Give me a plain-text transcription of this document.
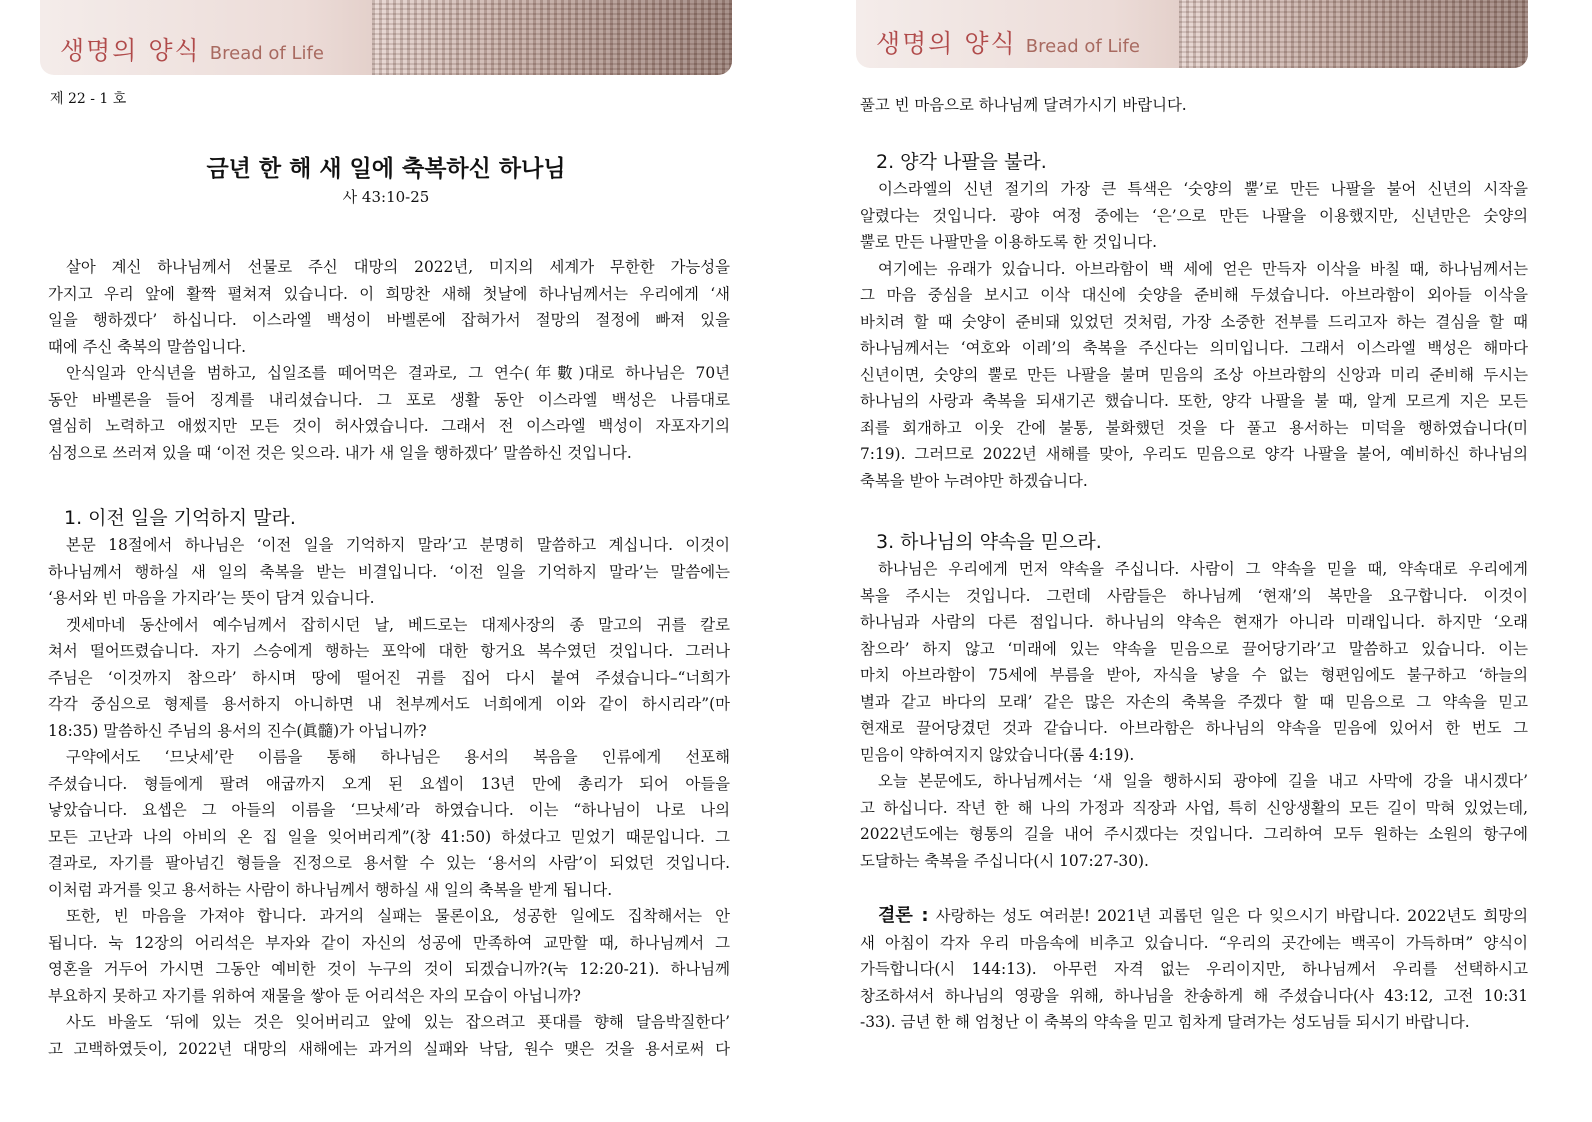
생명의 양식 Bread of Life
제 22 - 1 호
금년 한 해 새 일에 축복하신 하나님
사 43:10-25
살아 계신 하나님께서 선물로 주신 대망의 2022년, 미지의 세계가 무한한 가능성을
가지고 우리 앞에 활짝 펼쳐져 있습니다. 이 희망찬 새해 첫날에 하나님께서는 우리에게 ‘새
일을 행하겠다’ 하십니다. 이스라엘 백성이 바벨론에 잡혀가서 절망의 절정에 빠져 있을
때에 주신 축복의 말씀입니다.
안식일과 안식년을 범하고, 십일조를 떼어먹은 결과로, 그 연수(年數)대로 하나님은 70년
동안 바벨론을 들어 징계를 내리셨습니다. 그 포로 생활 동안 이스라엘 백성은 나름대로
열심히 노력하고 애썼지만 모든 것이 허사였습니다. 그래서 전 이스라엘 백성이 자포자기의
심정으로 쓰러져 있을 때 ‘이전 것은 잊으라. 내가 새 일을 행하겠다’ 말씀하신 것입니다.
1. 이전 일을 기억하지 말라.
본문 18절에서 하나님은 ‘이전 일을 기억하지 말라’고 분명히 말씀하고 계십니다. 이것이
하나님께서 행하실 새 일의 축복을 받는 비결입니다. ‘이전 일을 기억하지 말라’는 말씀에는
‘용서와 빈 마음을 가지라’는 뜻이 담겨 있습니다.
겟세마네 동산에서 예수님께서 잡히시던 날, 베드로는 대제사장의 종 말고의 귀를 칼로
쳐서 떨어뜨렸습니다. 자기 스승에게 행하는 포악에 대한 항거요 복수였던 것입니다. 그러나
주님은 ‘이것까지 참으라’ 하시며 땅에 떨어진 귀를 집어 다시 붙여 주셨습니다–“너희가
각각 중심으로 형제를 용서하지 아니하면 내 천부께서도 너희에게 이와 같이 하시리라”(마
18:35) 말씀하신 주님의 용서의 진수(眞髓)가 아닙니까?
구약에서도 ‘므낫세’란 이름을 통해 하나님은 용서의 복음을 인류에게 선포해
주셨습니다. 형들에게 팔려 애굽까지 오게 된 요셉이 13년 만에 총리가 되어 아들을
낳았습니다. 요셉은 그 아들의 이름을 ‘므낫세’라 하였습니다. 이는 “하나님이 나로 나의
모든 고난과 나의 아비의 온 집 일을 잊어버리게”(창 41:50) 하셨다고 믿었기 때문입니다. 그
결과로, 자기를 팔아넘긴 형들을 진정으로 용서할 수 있는 ‘용서의 사람’이 되었던 것입니다.
이처럼 과거를 잊고 용서하는 사람이 하나님께서 행하실 새 일의 축복을 받게 됩니다.
또한, 빈 마음을 가져야 합니다. 과거의 실패는 물론이요, 성공한 일에도 집착해서는 안
됩니다. 눅 12장의 어리석은 부자와 같이 자신의 성공에 만족하여 교만할 때, 하나님께서 그
영혼을 거두어 가시면 그동안 예비한 것이 누구의 것이 되겠습니까?(눅 12:20-21). 하나님께
부요하지 못하고 자기를 위하여 재물을 쌓아 둔 어리석은 자의 모습이 아닙니까?
사도 바울도 ‘뒤에 있는 것은 잊어버리고 앞에 있는 잡으려고 푯대를 향해 달음박질한다’
고 고백하였듯이, 2022년 대망의 새해에는 과거의 실패와 낙담, 원수 맺은 것을 용서로써 다
생명의 양식 Bread of Life
풀고 빈 마음으로 하나님께 달려가시기 바랍니다.
2. 양각 나팔을 불라.
이스라엘의 신년 절기의 가장 큰 특색은 ‘숫양의 뿔’로 만든 나팔을 불어 신년의 시작을
알렸다는 것입니다. 광야 여정 중에는 ‘은’으로 만든 나팔을 이용했지만, 신년만은 숫양의
뿔로 만든 나팔만을 이용하도록 한 것입니다.
여기에는 유래가 있습니다. 아브라함이 백 세에 얻은 만득자 이삭을 바칠 때, 하나님께서는
그 마음 중심을 보시고 이삭 대신에 숫양을 준비해 두셨습니다. 아브라함이 외아들 이삭을
바치려 할 때 숫양이 준비돼 있었던 것처럼, 가장 소중한 전부를 드리고자 하는 결심을 할 때
하나님께서는 ‘여호와 이레’의 축복을 주신다는 의미입니다. 그래서 이스라엘 백성은 해마다
신년이면, 숫양의 뿔로 만든 나팔을 불며 믿음의 조상 아브라함의 신앙과 미리 준비해 두시는
하나님의 사랑과 축복을 되새기곤 했습니다. 또한, 양각 나팔을 불 때, 알게 모르게 지은 모든
죄를 회개하고 이웃 간에 불통, 불화했던 것을 다 풀고 용서하는 미덕을 행하였습니다(미
7:19). 그러므로 2022년 새해를 맞아, 우리도 믿음으로 양각 나팔을 불어, 예비하신 하나님의
축복을 받아 누려야만 하겠습니다.
3. 하나님의 약속을 믿으라.
하나님은 우리에게 먼저 약속을 주십니다. 사람이 그 약속을 믿을 때, 약속대로 우리에게
복을 주시는 것입니다. 그런데 사람들은 하나님께 ‘현재’의 복만을 요구합니다. 이것이
하나님과 사람의 다른 점입니다. 하나님의 약속은 현재가 아니라 미래입니다. 하지만 ‘오래
참으라’ 하지 않고 ‘미래에 있는 약속을 믿음으로 끌어당기라’고 말씀하고 있습니다. 이는
마치 아브라함이 75세에 부름을 받아, 자식을 낳을 수 없는 형편임에도 불구하고 ‘하늘의
별과 같고 바다의 모래’ 같은 많은 자손의 축복을 주겠다 할 때 믿음으로 그 약속을 믿고
현재로 끌어당겼던 것과 같습니다. 아브라함은 하나님의 약속을 믿음에 있어서 한 번도 그
믿음이 약하여지지 않았습니다(롬 4:19).
오늘 본문에도, 하나님께서는 ‘새 일을 행하시되 광야에 길을 내고 사막에 강을 내시겠다’
고 하십니다. 작년 한 해 나의 가정과 직장과 사업, 특히 신앙생활의 모든 길이 막혀 있었는데,
2022년도에는 형통의 길을 내어 주시겠다는 것입니다. 그리하여 모두 원하는 소원의 항구에
도달하는 축복을 주십니다(시 107:27-30).
결론 : 사랑하는 성도 여러분! 2021년 괴롭던 일은 다 잊으시기 바랍니다. 2022년도 희망의
새 아침이 각자 우리 마음속에 비추고 있습니다. “우리의 곳간에는 백곡이 가득하며” 양식이
가득합니다(시 144:13). 아무런 자격 없는 우리이지만, 하나님께서 우리를 선택하시고
창조하셔서 하나님의 영광을 위해, 하나님을 찬송하게 해 주셨습니다(사 43:12, 고전 10:31
-33). 금년 한 해 엄청난 이 축복의 약속을 믿고 힘차게 달려가는 성도님들 되시기 바랍니다.
